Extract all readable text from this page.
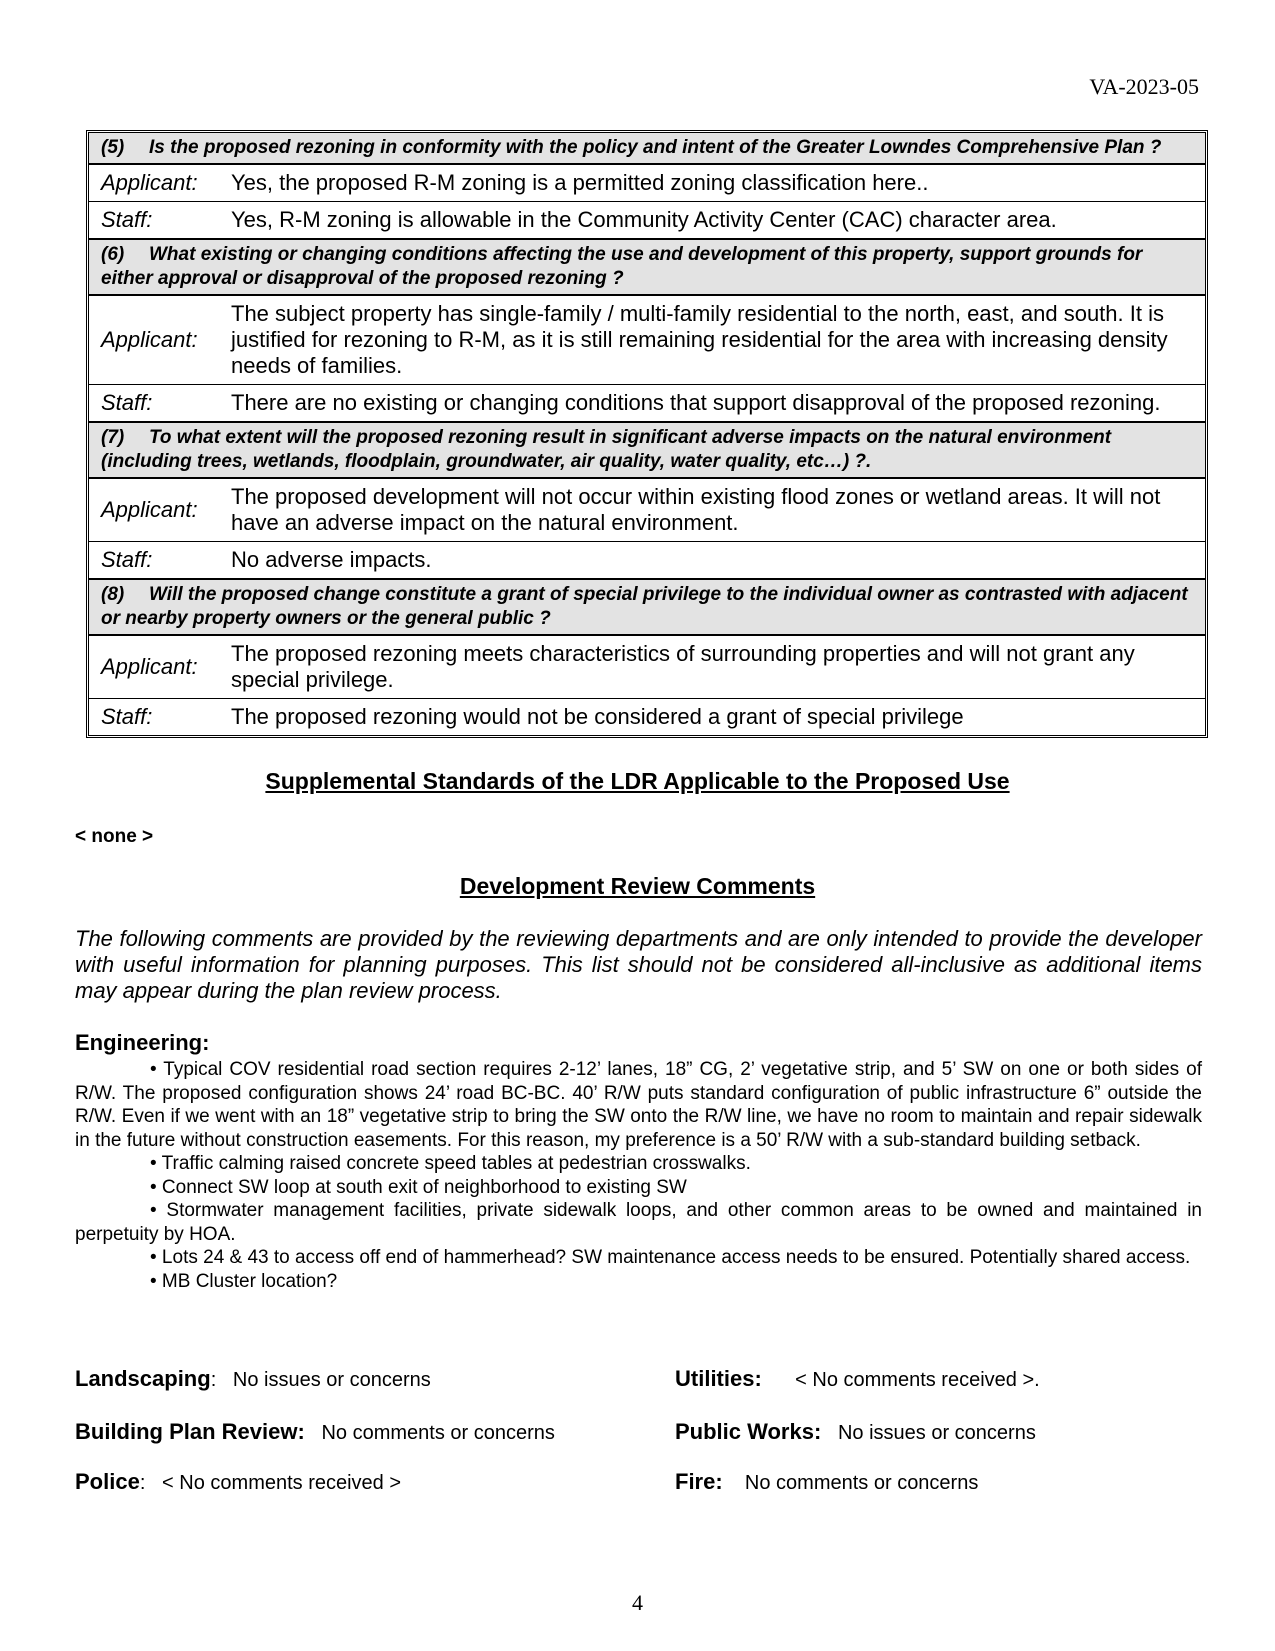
VA-2023-05
(5) Is the proposed rezoning in conformity with the policy and intent of the Greater Lowndes Comprehensive Plan ?
Applicant:	Yes, the proposed R-M zoning is a permitted zoning classification here..
Staff:	Yes, R-M zoning is allowable in the Community Activity Center (CAC) character area.
(6) What existing or changing conditions affecting the use and development of this property, support grounds for either approval or disapproval of the proposed rezoning ?
Applicant:
The subject property has single-family / multi-family residential to the north, east, and south. It is justified for rezoning to R-M, as it is still remaining residential for the area with increasing density needs of families.
Staff:	There are no existing or changing conditions that support disapproval of the proposed rezoning.
(7) To what extent will the proposed rezoning result in significant adverse impacts on the natural environment (including trees, wetlands, floodplain, groundwater, air quality, water quality, etc…) ?.
Applicant:
The proposed development will not occur within existing flood zones or wetland areas. It will not have an adverse impact on the natural environment.
Staff:	No adverse impacts.
(8) Will the proposed change constitute a grant of special privilege to the individual owner as contrasted with adjacent or nearby property owners or the general public ?
Applicant:
The proposed rezoning meets characteristics of surrounding properties and will not grant any special privilege.
Staff:	The proposed rezoning would not be considered a grant of special privilege
Supplemental Standards of the LDR Applicable to the Proposed Use
< none >
Development Review Comments
The following comments are provided by the reviewing departments and are only intended to provide the developer with useful information for planning purposes. This list should not be considered all-inclusive as additional items may appear during the plan review process.
Engineering:

• Typical COV residential road section requires 2-12’ lanes, 18” CG, 2’ vegetative strip, and 5’ SW on one or both sides of R/W. The proposed configuration shows 24’ road BC-BC. 40’ R/W puts standard configuration of public infrastructure 6” outside the R/W. Even if we went with an 18” vegetative strip to bring the SW onto the R/W line, we have no room to maintain and repair sidewalk in the future without construction easements. For this reason, my preference is a 50’ R/W with a sub-standard building setback.

• Traffic calming raised concrete speed tables at pedestrian crosswalks.

• Connect SW loop at south exit of neighborhood to existing SW

• Stormwater management facilities, private sidewalk loops, and other common areas to be owned and maintained in perpetuity by HOA.

• Lots 24 & 43 to access off end of hammerhead? SW maintenance access needs to be ensured. Potentially shared access.

• MB Cluster location?

Landscaping: No issues or concerns	Utilities: < No comments received >.
Building Plan Review: No comments or concerns	Public Works: No issues or concerns
Police: < No comments received >	Fire: No comments or concerns
4
